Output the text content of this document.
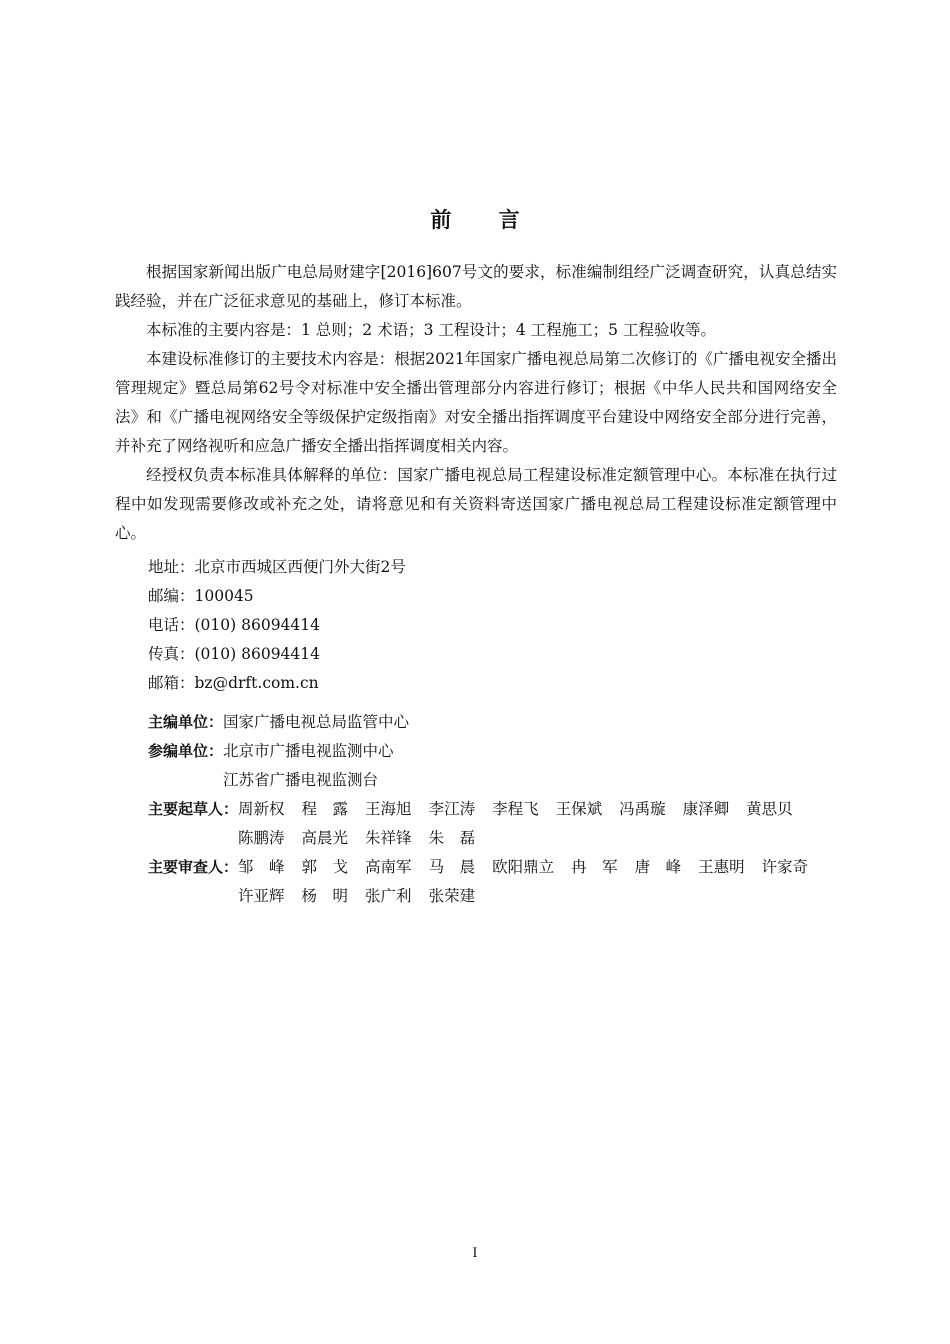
前 言

根据国家新闻出版广电总局财建字[2016]607号文的要求，标准编制组经广泛调查研究，认真总结实践经验，并在广泛征求意见的基础上，修订本标准。

本标准的主要内容是：1 总则；2 术语；3 工程设计；4 工程施工；5 工程验收等。

本建设标准修订的主要技术内容是：根据2021年国家广播电视总局第二次修订的《广播电视安全播出管理规定》暨总局第62号令对标准中安全播出管理部分内容进行修订；根据《中华人民共和国网络安全法》和《广播电视网络安全等级保护定级指南》对安全播出指挥调度平台建设中网络安全部分进行完善，并补充了网络视听和应急广播安全播出指挥调度相关内容。

经授权负责本标准具体解释的单位：国家广播电视总局工程建设标准定额管理中心。本标准在执行过程中如发现需要修改或补充之处，请将意见和有关资料寄送国家广播电视总局工程建设标准定额管理中心。

地址：北京市西城区西便门外大街2号
邮编：100045
电话：(010) 86094414
传真：(010) 86094414
邮箱：bz@drft.com.cn
主编单位： 国家广播电视总局监管中心
参编单位： 北京市广播电视监测中心
江苏省广播电视监测台
主要起草人： 周新权 程　露 王海旭 李江涛 李程飞 王保斌 冯禹璇 康泽卿 黄思贝
陈鹏涛 高晨光 朱祥锋 朱　磊
主要审查人： 邹　峰 郭　戈 高南军 马　晨 欧阳鼎立 冉　军 唐　峰 王惠明 许家奇
许亚辉 杨　明 张广利 张荣建
I
